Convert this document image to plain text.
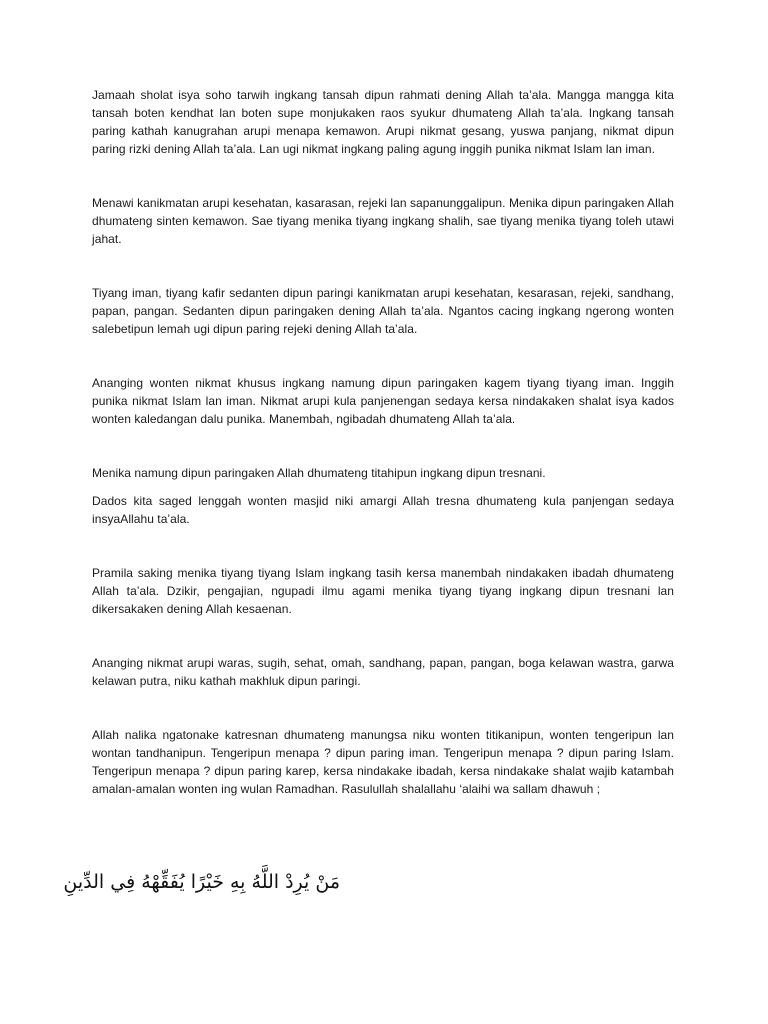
Jamaah sholat isya soho tarwih ingkang tansah dipun rahmati dening Allah ta’ala. Mangga mangga kita tansah boten kendhat lan boten supe monjukaken raos syukur dhumateng Allah ta’ala. Ingkang tansah paring kathah kanugrahan arupi menapa kemawon. Arupi nikmat gesang, yuswa panjang, nikmat dipun paring rizki dening Allah ta’ala. Lan ugi nikmat ingkang paling agung inggih punika nikmat Islam lan iman.

Menawi kanikmatan arupi kesehatan, kasarasan, rejeki lan sapanunggalipun. Menika dipun paringaken Allah dhumateng sinten kemawon. Sae tiyang menika tiyang ingkang shalih, sae tiyang menika tiyang toleh utawi jahat.

Tiyang iman, tiyang kafir sedanten dipun paringi kanikmatan arupi kesehatan, kesarasan, rejeki, sandhang, papan, pangan. Sedanten dipun paringaken dening Allah ta’ala. Ngantos cacing ingkang ngerong wonten salebetipun lemah ugi dipun paring rejeki dening Allah ta’ala.

Ananging wonten nikmat khusus ingkang namung dipun paringaken kagem tiyang tiyang iman. Inggih punika nikmat Islam lan iman. Nikmat arupi kula panjenengan sedaya kersa nindakaken shalat isya kados wonten kaledangan dalu punika. Manembah, ngibadah dhumateng Allah ta’ala.

Menika namung dipun paringaken Allah dhumateng titahipun ingkang dipun tresnani.

Dados kita saged lenggah wonten masjid niki amargi Allah tresna dhumateng kula panjengan sedaya insyaAllahu ta’ala.

Pramila saking menika tiyang tiyang Islam ingkang tasih kersa manembah nindakaken ibadah dhumateng Allah ta’ala. Dzikir, pengajian, ngupadi ilmu agami menika tiyang tiyang ingkang dipun tresnani lan dikersakaken dening Allah kesaenan.

Ananging nikmat arupi waras, sugih, sehat, omah, sandhang, papan, pangan, boga kelawan wastra, garwa kelawan putra, niku kathah makhluk dipun paringi.

Allah nalika ngatonake katresnan dhumateng manungsa niku wonten titikanipun, wonten tengeripun lan wontan tandhanipun. Tengeripun menapa ? dipun paring iman. Tengeripun menapa ? dipun paring Islam. Tengeripun menapa ? dipun paring karep, kersa nindakake ibadah, kersa nindakake shalat wajib katambah amalan-amalan wonten ing wulan Ramadhan. Rasulullah shalallahu ‘alaihi wa sallam dhawuh ;

مَنْ يُرِدْ اللَّهُ بِهِ خَيْرًا يُفَقِّهْهُ فِي الدِّينِ
